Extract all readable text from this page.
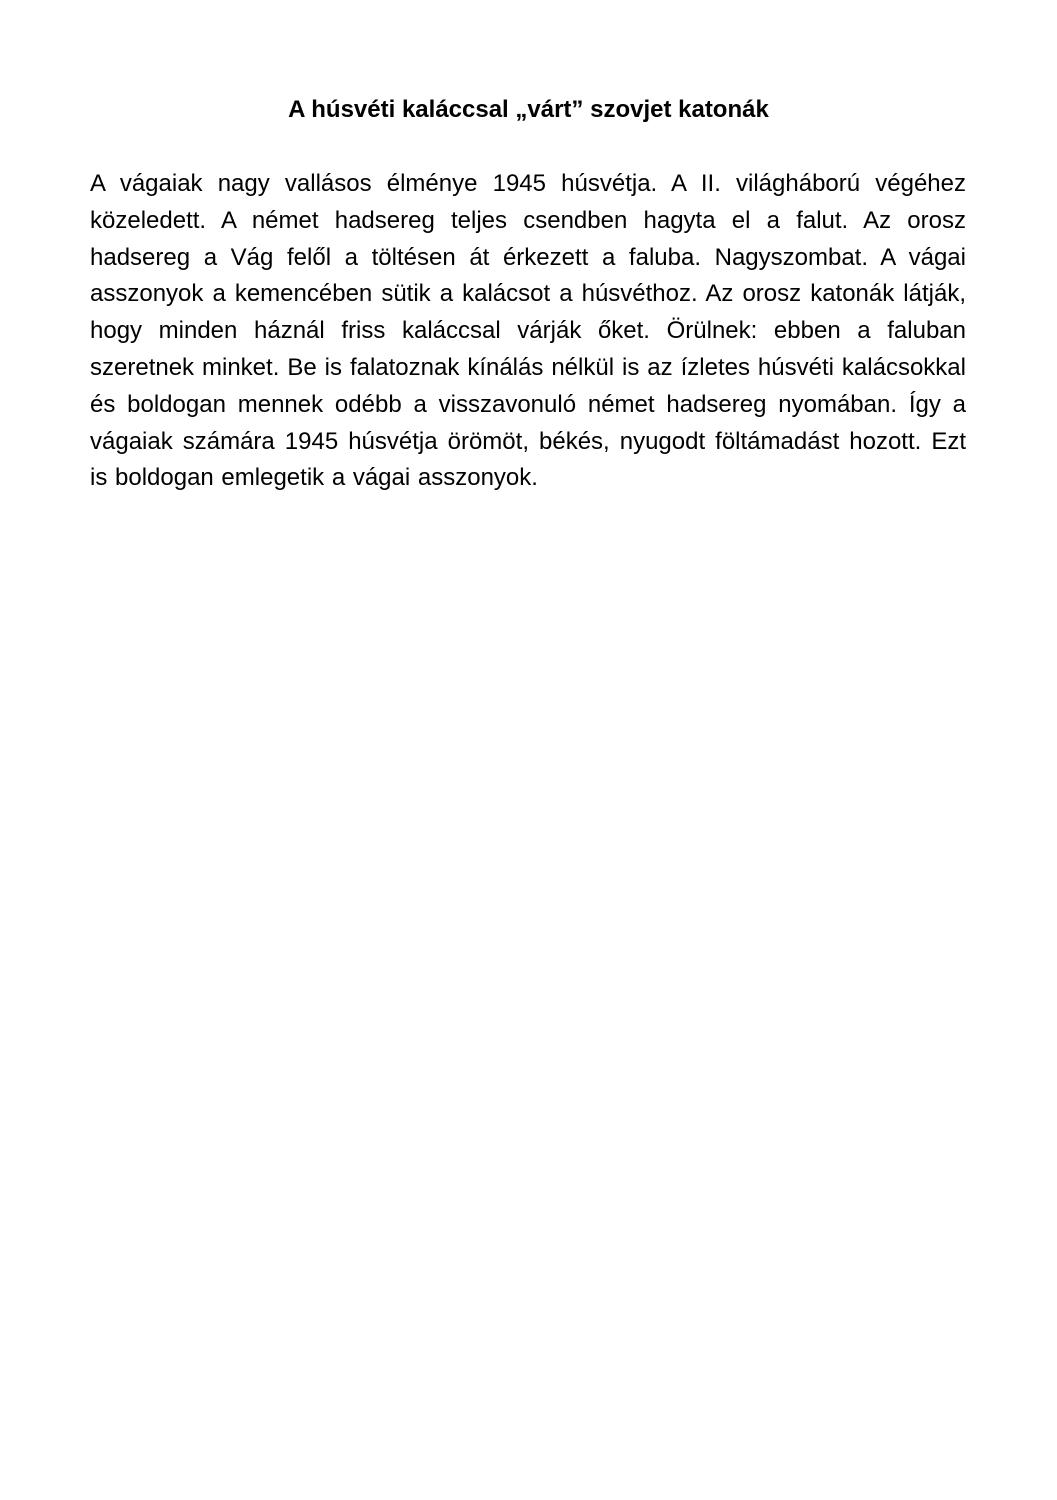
A húsvéti kaláccsal „várt” szovjet katonák

A vágaiak nagy vallásos élménye 1945 húsvétja. A II. világháború végéhez közeledett. A német hadsereg teljes csendben hagyta el a falut. Az orosz hadsereg a Vág felől a töltésen át érkezett a faluba. Nagyszombat. A vágai asszonyok a kemencében sütik a kalácsot a húsvéthoz. Az orosz katonák látják, hogy minden háznál friss kaláccsal várják őket. Örülnek: ebben a faluban szeretnek minket. Be is falatoznak kínálás nélkül is az ízletes húsvéti kalácsokkal és boldogan mennek odébb a visszavonuló német hadsereg nyomában. Így a vágaiak számára 1945 húsvétja örömöt, békés, nyugodt föltámadást hozott. Ezt is boldogan emlegetik a vágai asszonyok.
